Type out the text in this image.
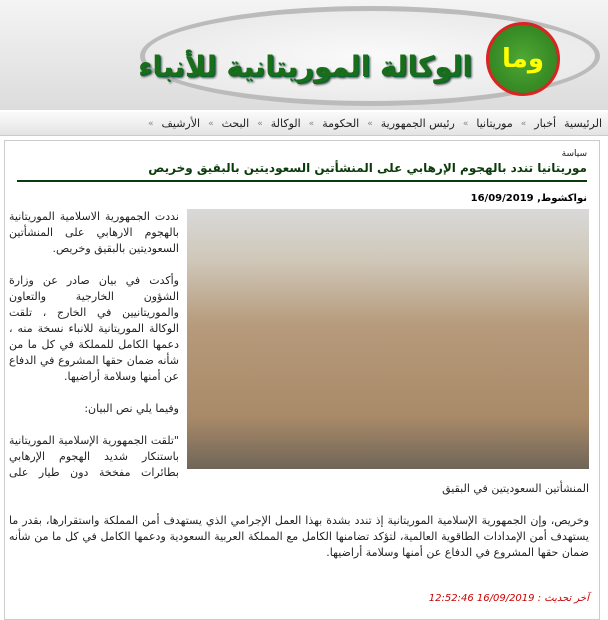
الوكالة الموريتانية للأنباء وما
الرئيسية
أخبار
»
موريتانيا
»
رئيس الجمهورية
»
الحكومة
»
الوكالة
»
البحث
»
الأرشيف
»
سياسة
موريتانيا تندد بالهجوم الإرهابي على المنشأتين السعوديتين بالبقيق وخريص
نواكشوط, 16/09/2019

نددت الجمهورية الاسلامية الموريتانية بالهجوم الارهابي على المنشأتين السعوديتين بالبقيق وخريص.

وأكدت في بيان صادر عن وزارة الشؤون الخارجية والتعاون والموريتانيين في الخارج ، تلقت الوكالة الموريتانية للانباء نسخة منه ، دعمها الكامل للمملكة في كل ما من شأنه ضمان حقها المشروع في الدفاع عن أمنها وسلامة أراضيها.

وفيما يلي نص البيان:

"تلقت الجمهورية الإسلامية الموريتانية باستنكار شديد الهجوم الإرهابي بطائرات مفخخة دون طيار على المنشأتين السعوديتين في البقيق

وخريص، وإن الجمهورية الإسلامية الموريتانية إذ تندد بشدة بهذا العمل الإجرامي الذي يستهدف أمن المملكة واستقرارها، بقدر ما يستهدف أمن الإمدادات الطاقوية العالمية، لتؤكد تضامنها الكامل مع المملكة العربية السعودية ودعمها الكامل في كل ما من شأنه ضمان حقها المشروع في الدفاع عن أمنها وسلامة أراضيها.

آخر تحديث : 16/09/2019 12:52:46
